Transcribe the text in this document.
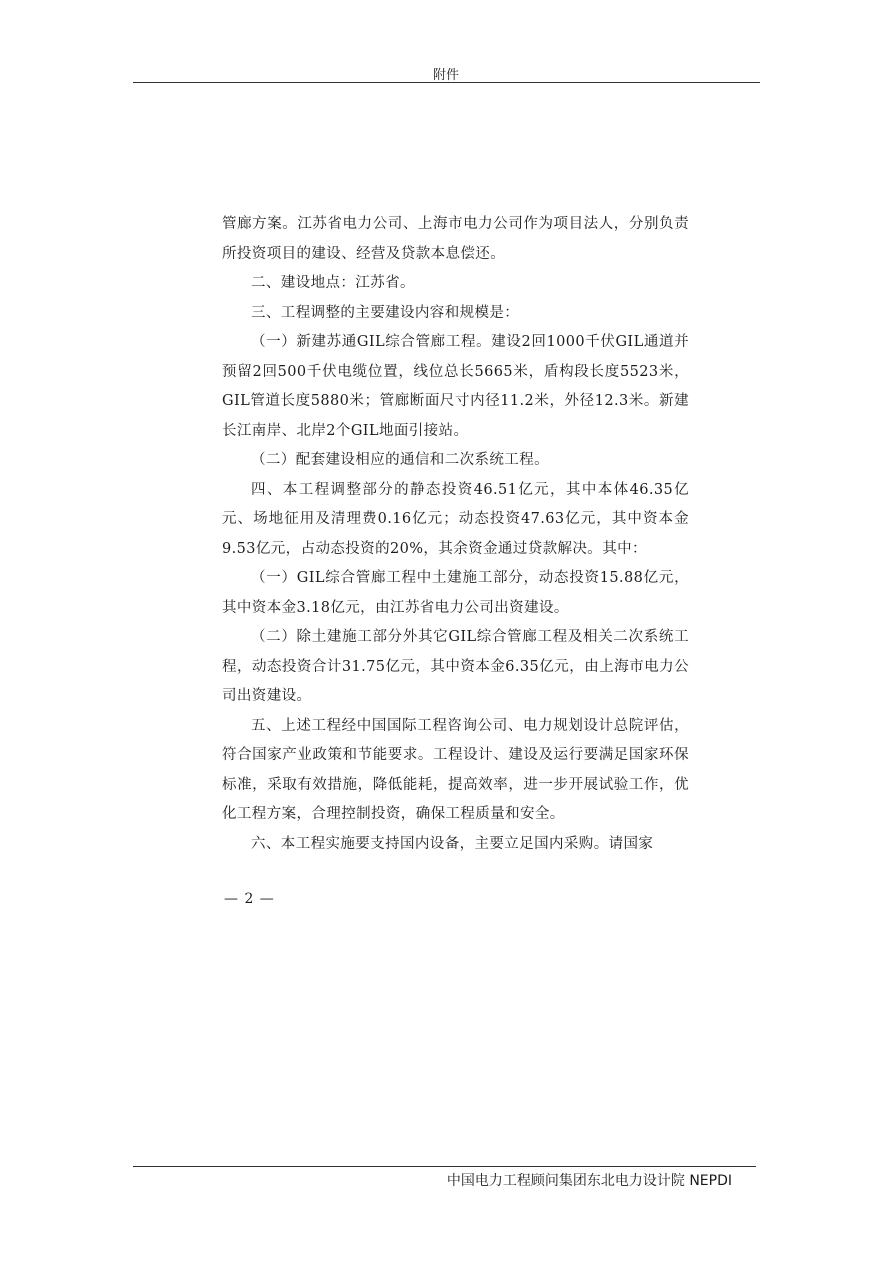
附件

管廊方案。江苏省电力公司、上海市电力公司作为项目法人，分别负责所投资项目的建设、经营及贷款本息偿还。

二、建设地点：江苏省。

三、工程调整的主要建设内容和规模是：

（一）新建苏通GIL综合管廊工程。建设2回1000千伏GIL通道并预留2回500千伏电缆位置，线位总长5665米，盾构段长度5523米，GIL管道长度5880米；管廊断面尺寸内径11.2米，外径12.3米。新建长江南岸、北岸2个GIL地面引接站。

（二）配套建设相应的通信和二次系统工程。

四、本工程调整部分的静态投资46.51亿元，其中本体46.35亿元、场地征用及清理费0.16亿元；动态投资47.63亿元，其中资本金9.53亿元，占动态投资的20%，其余资金通过贷款解决。其中：

（一）GIL综合管廊工程中土建施工部分，动态投资15.88亿元，其中资本金3.18亿元，由江苏省电力公司出资建设。

（二）除土建施工部分外其它GIL综合管廊工程及相关二次系统工程，动态投资合计31.75亿元，其中资本金6.35亿元，由上海市电力公司出资建设。

五、上述工程经中国国际工程咨询公司、电力规划设计总院评估，符合国家产业政策和节能要求。工程设计、建设及运行要满足国家环保标准，采取有效措施，降低能耗，提高效率，进一步开展试验工作，优化工程方案，合理控制投资，确保工程质量和安全。

六、本工程实施要支持国内设备，主要立足国内采购。请国家

— 2 —
中国电力工程顾问集团东北电力设计院 NEPDI
